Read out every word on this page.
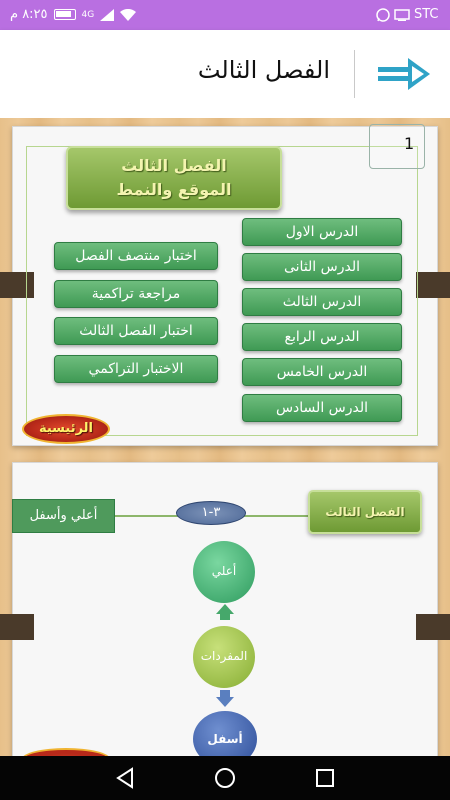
٨:٢٥ م	4G	STC
الفصل الثالث
1
الفصل الثالث
الموقع والنمط
الدرس الاول
الدرس الثانى
الدرس الثالث
الدرس الرابع
الدرس الخامس
الدرس السادس
اختبار منتصف الفصل
مراجعة تراكمية
اختبار الفصل الثالث
الاختبار التراكمي
الرئيسية
أعلي وأسفل	٣-١	الفصل الثالث
أعلي
المفردات
أسفل
